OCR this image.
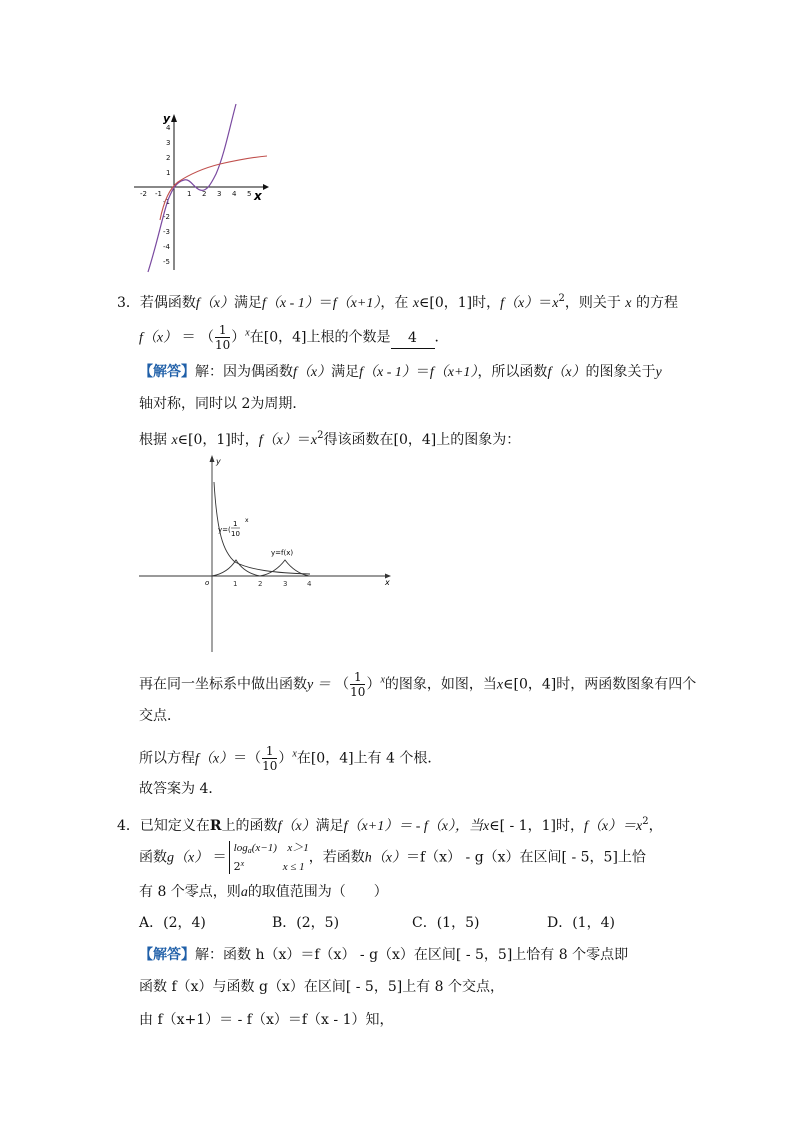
y
x
-2 -1	1 2 3 4 5
4
3
2
1
-1
-2
-3
-4
-5
3．若偶函数f（x）满足f（x - 1）＝f（x+1），在 x∈[0，1]时，$f(x)=x^2$，则关于 x 的方程
f（x） ＝ （ $\frac{1}{10} )^x$在[0，4]上根的个数是 4 ．
【解答】解：因为偶函数f（x）满足f（x - 1）＝f（x+1），所以函数f（x）的图象关于y
轴对称，同时以 2为周期．
根据 x∈[0，1]时，$f(x)=x^2$得该函数在[0，4]上的图象为：
y
x
o	1	2	3	4
y=(
1
10
x
y=f(x)
再在同一坐标系中做出函数y ＝ （ $\frac{1}{10} )^x$的图象，如图，当x∈[0，4]时，两函数图象有四个
交点．
所以方程$f(x)=( \frac{1}{10} )^x$在[0，4]上有 4 个根．
故答案为 4．
4．已知定义在R上的函数f（x）满足f（x+1）＝ - f（x），当x∈[ - 1，1]时，$f(x)=x^2$，
函数g（x） ＝
loga(x−1) x＞1
2$^x$	x ≤ 1
，若函数h（x）＝f（x） - g（x）在区间[ - 5，5]上恰
有 8 个零点，则a的取值范围为（　　）
A．(2，4)	B．(2，5)	C．(1，5)	D．(1，4)
【解答】解：函数 h（x）＝f（x） - g（x）在区间[ - 5，5]上恰有 8 个零点即
函数 f（x）与函数 g（x）在区间[ - 5，5]上有 8 个交点，
由 f（x+1）＝ - f（x）＝f（x - 1）知，
